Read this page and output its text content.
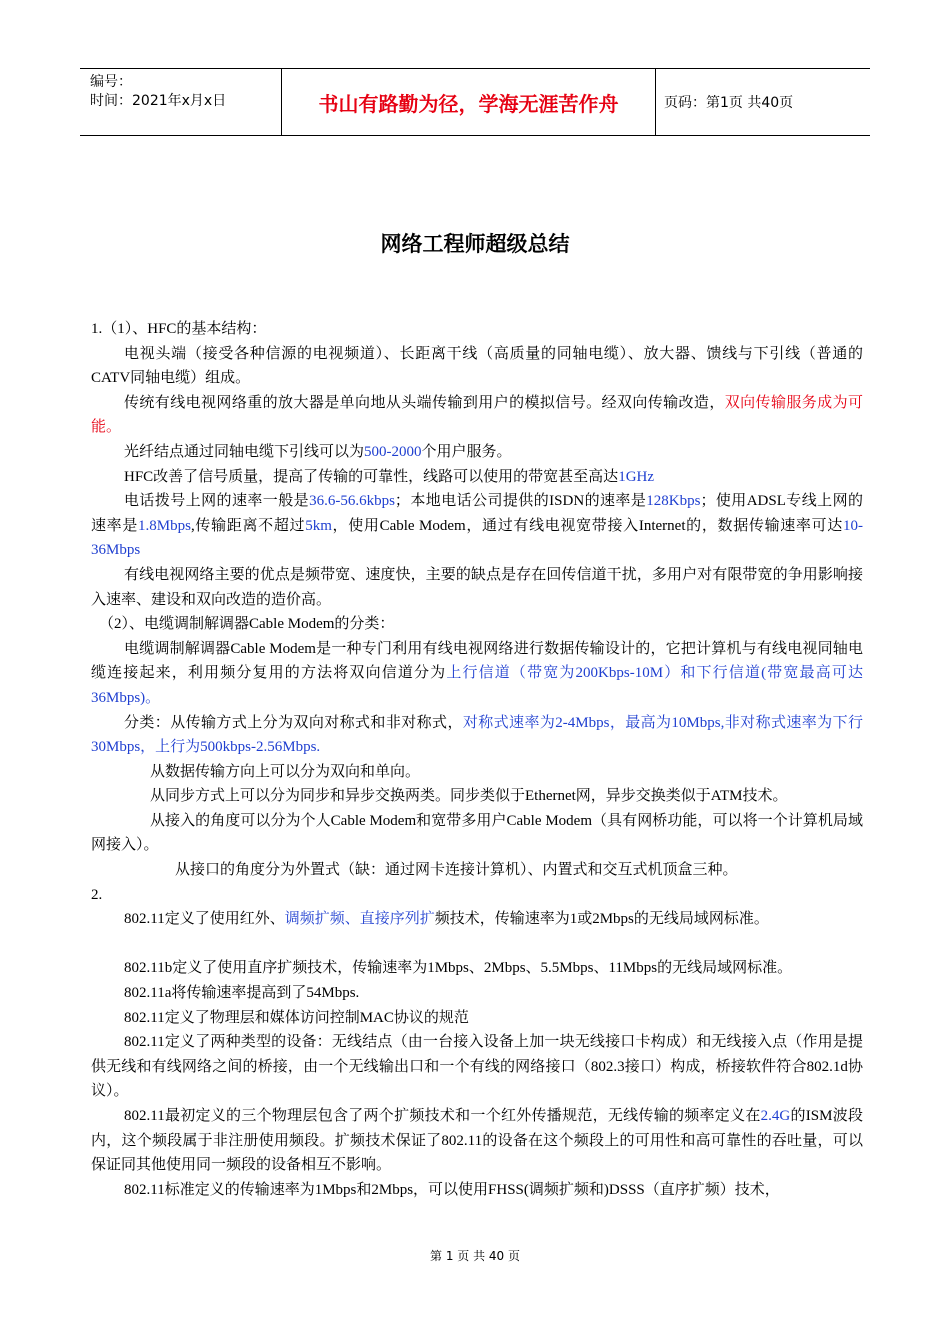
编号：
时间：2021年x月x日	书山有路勤为径，学海无涯苦作舟	页码：第1页 共40页
网络工程师超级总结

1.（1）、HFC的基本结构：

电视头端（接受各种信源的电视频道）、长距离干线（高质量的同轴电缆）、放大器、馈线与下引线（普通的CATV同轴电缆）组成。

传统有线电视网络重的放大器是单向地从头端传输到用户的模拟信号。经双向传输改造，双向传输服务成为可能。

光纤结点通过同轴电缆下引线可以为500-2000个用户服务。

HFC改善了信号质量，提高了传输的可靠性，线路可以使用的带宽甚至高达1GHz

电话拨号上网的速率一般是36.6-56.6kbps；本地电话公司提供的ISDN的速率是128Kbps；使用ADSL专线上网的速率是1.8Mbps,传输距离不超过5km，使用Cable Modem，通过有线电视宽带接入Internet的，数据传输速率可达10-36Mbps

有线电视网络主要的优点是频带宽、速度快，主要的缺点是存在回传信道干扰，多用户对有限带宽的争用影响接入速率、建设和双向改造的造价高。

（2）、电缆调制解调器Cable Modem的分类：

电缆调制解调器Cable Modem是一种专门利用有线电视网络进行数据传输设计的，它把计算机与有线电视同轴电缆连接起来，利用频分复用的方法将双向信道分为上行信道（带宽为200Kbps-10M）和下行信道(带宽最高可达36Mbps)。

分类：从传输方式上分为双向对称式和非对称式，对称式速率为2-4Mbps，最高为10Mbps,非对称式速率为下行30Mbps，上行为500kbps-2.56Mbps.

从数据传输方向上可以分为双向和单向。

从同步方式上可以分为同步和异步交换两类。同步类似于Ethernet网，异步交换类似于ATM技术。

从接入的角度可以分为个人Cable Modem和宽带多用户Cable Modem（具有网桥功能，可以将一个计算机局域网接入）。

从接口的角度分为外置式（缺：通过网卡连接计算机）、内置式和交互式机顶盒三种。

2.

802.11定义了使用红外、调频扩频、直接序列扩频技术，传输速率为1或2Mbps的无线局域网标准。

802.11b定义了使用直序扩频技术，传输速率为1Mbps、2Mbps、5.5Mbps、11Mbps的无线局域网标准。

802.11a将传输速率提高到了54Mbps.

802.11定义了物理层和媒体访问控制MAC协议的规范

802.11定义了两种类型的设备：无线结点（由一台接入设备上加一块无线接口卡构成）和无线接入点（作用是提供无线和有线网络之间的桥接，由一个无线输出口和一个有线的网络接口（802.3接口）构成，桥接软件符合802.1d协议）。

802.11最初定义的三个物理层包含了两个扩频技术和一个红外传播规范，无线传输的频率定义在2.4G的ISM波段内，这个频段属于非注册使用频段。扩频技术保证了802.11的设备在这个频段上的可用性和高可靠性的吞吐量，可以保证同其他使用同一频段的设备相互不影响。

802.11标准定义的传输速率为1Mbps和2Mbps，可以使用FHSS(调频扩频和)DSSS（直序扩频）技术，

第 1 页 共 40 页
